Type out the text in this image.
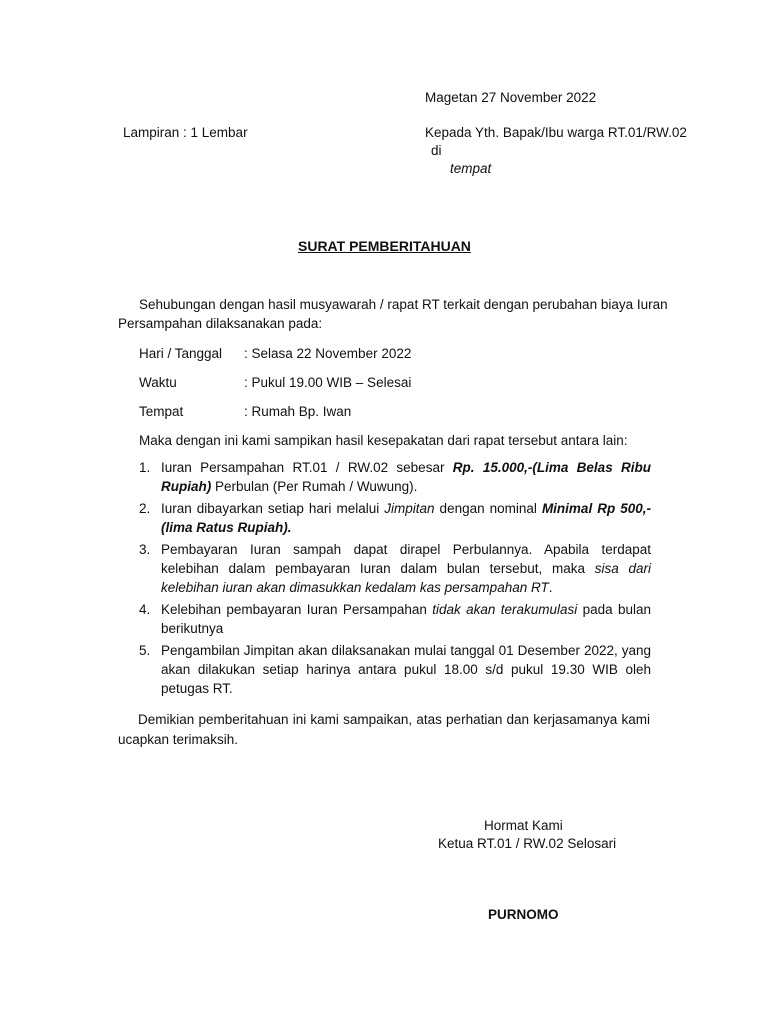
Magetan 27 November 2022
Lampiran : 1 Lembar	Kepada Yth. Bapak/Ibu warga RT.01/RW.02
di
tempat
SURAT PEMBERITAHUAN
Sehubungan dengan hasil musyawarah / rapat RT terkait dengan perubahan biaya Iuran
Persampahan dilaksanakan pada:
Hari / Tanggal : Selasa 22 November 2022
Waktu	: Pukul 19.00 WIB – Selesai
Tempat	: Rumah Bp. Iwan
Maka dengan ini kami sampikan hasil kesepakatan dari rapat tersebut antara lain:
1. Iuran Persampahan RT.01 / RW.02 sebesar Rp. 15.000,-(Lima Belas Ribu Rupiah) Perbulan (Per Rumah / Wuwung).
2. Iuran dibayarkan setiap hari melalui Jimpitan dengan nominal Minimal Rp 500,- (lima Ratus Rupiah).
3. Pembayaran Iuran sampah dapat dirapel Perbulannya. Apabila terdapat kelebihan dalam pembayaran Iuran dalam bulan tersebut, maka sisa dari kelebihan iuran akan dimasukkan kedalam kas persampahan RT.
4. Kelebihan pembayaran Iuran Persampahan tidak akan terakumulasi pada bulan berikutnya
5. Pengambilan Jimpitan akan dilaksanakan mulai tanggal 01 Desember 2022, yang akan dilakukan setiap harinya antara pukul 18.00 s/d pukul 19.30 WIB oleh petugas RT.
Demikian pemberitahuan ini kami sampaikan, atas perhatian dan kerjasamanya kami ucapkan terimaksih.
Hormat Kami
Ketua RT.01 / RW.02 Selosari
PURNOMO
